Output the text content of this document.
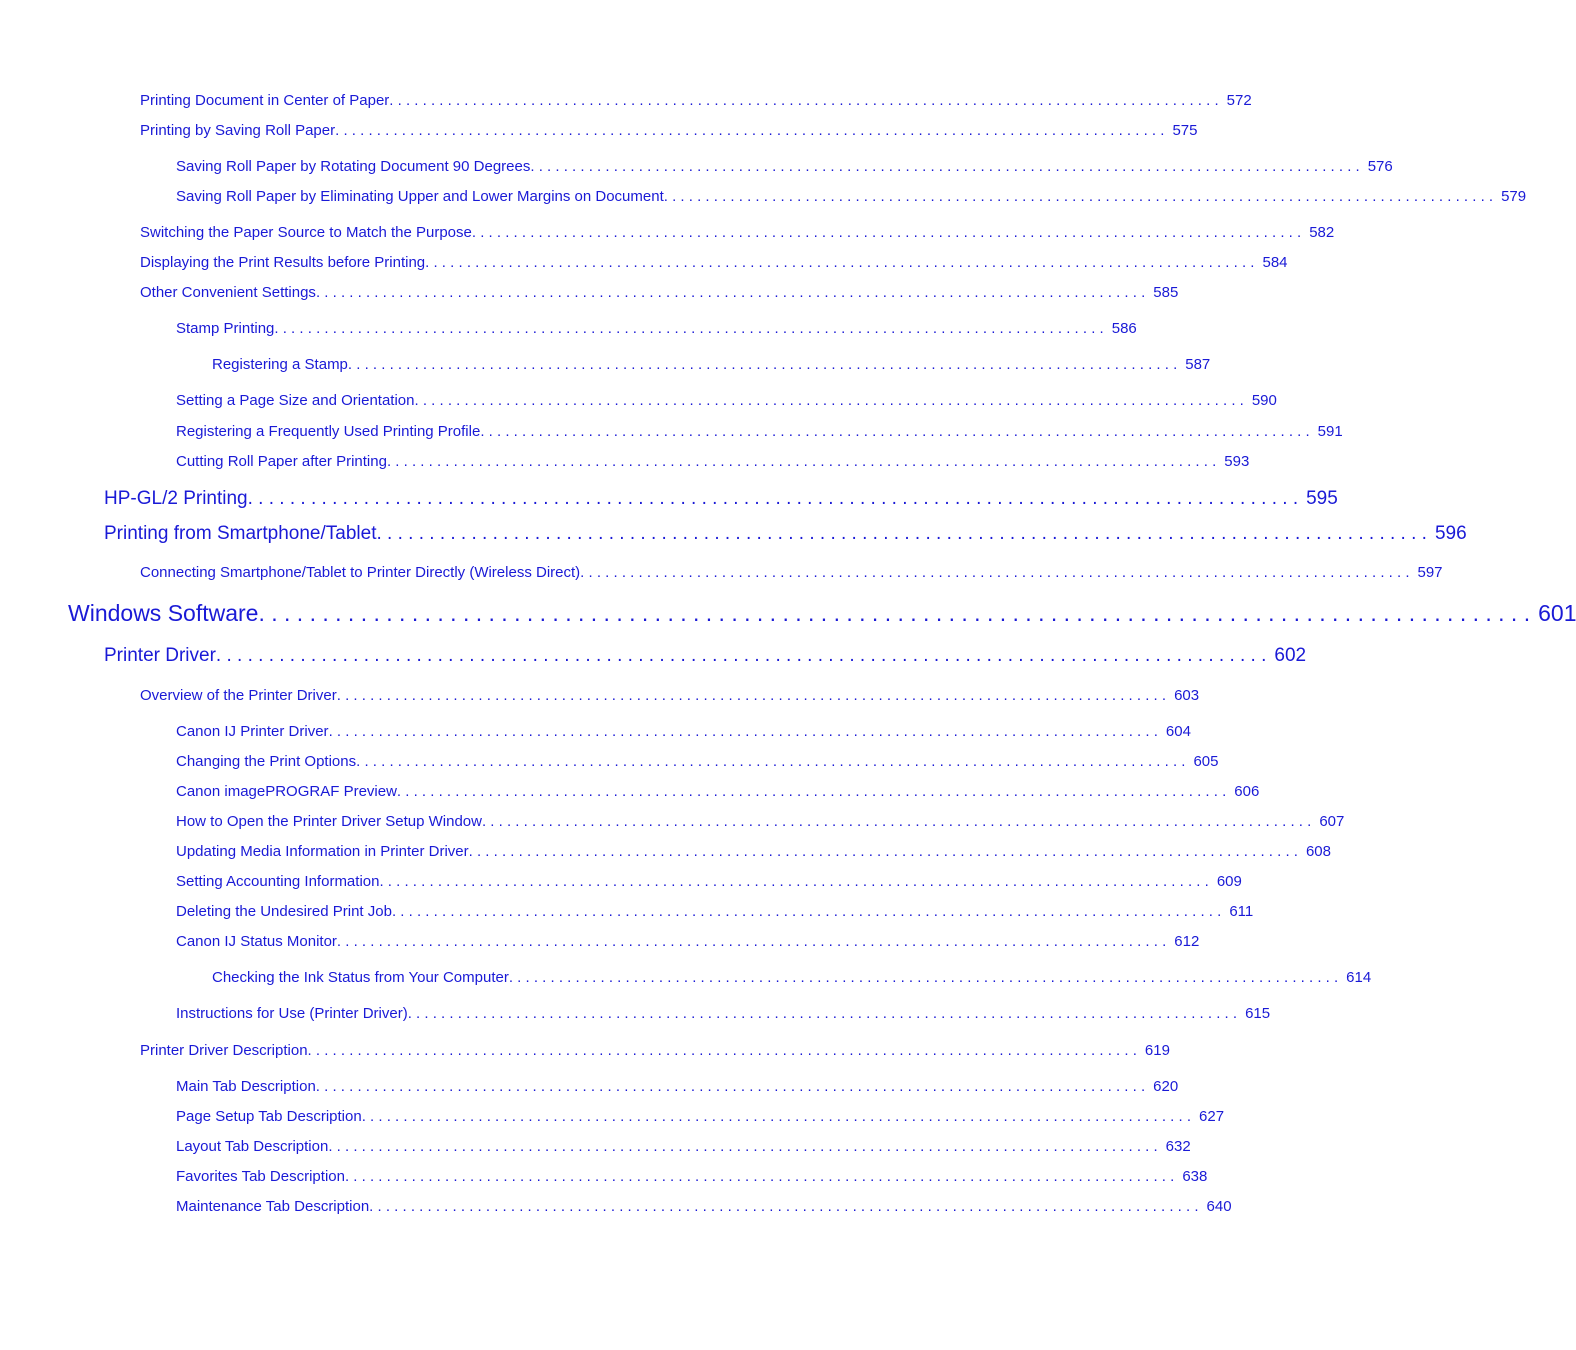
Printing Document in Center of Paper . . . . . . . . . . . . . . . . . . . . . . . . . . . . . . . . . . . . . . . . . . . . . . . . . . . . . . . . . . . . . . . . . . . . . . . . . . . . . . . . . . . . . . . . . . . . . . . . . . . . 572
Printing by Saving Roll Paper . . . . . . . . . . . . . . . . . . . . . . . . . . . . . . . . . . . . . . . . . . . . . . . . . . . . . . . . . . . . . . . . . . . . . . . . . . . . . . . . . . . . . . . . . . . . . . . . . . . . 575
Saving Roll Paper by Rotating Document 90 Degrees . . . . . . . . . . . . . . . . . . . . . . . . . . . . . . . . . . . . . . . . . . . . . . . . . . . . . . . . . . . . . . . . . . . . . . . . . . . . . . . . . . . . . . . . . . . . . . . . . . . . 576
Saving Roll Paper by Eliminating Upper and Lower Margins on Document . . . . . . . . . . . . . . . . . . . . . . . . . . . . . . . . . . . . . . . . . . . . . . . . . . . . . . . . . . . . . . . . . . . . . . . . . . . . . . . . . . . . . . . . . . . . . . . . . . . . 579
Switching the Paper Source to Match the Purpose . . . . . . . . . . . . . . . . . . . . . . . . . . . . . . . . . . . . . . . . . . . . . . . . . . . . . . . . . . . . . . . . . . . . . . . . . . . . . . . . . . . . . . . . . . . . . . . . . . . . 582
Displaying the Print Results before Printing . . . . . . . . . . . . . . . . . . . . . . . . . . . . . . . . . . . . . . . . . . . . . . . . . . . . . . . . . . . . . . . . . . . . . . . . . . . . . . . . . . . . . . . . . . . . . . . . . . . . 584
Other Convenient Settings . . . . . . . . . . . . . . . . . . . . . . . . . . . . . . . . . . . . . . . . . . . . . . . . . . . . . . . . . . . . . . . . . . . . . . . . . . . . . . . . . . . . . . . . . . . . . . . . . . . . 585
Stamp Printing . . . . . . . . . . . . . . . . . . . . . . . . . . . . . . . . . . . . . . . . . . . . . . . . . . . . . . . . . . . . . . . . . . . . . . . . . . . . . . . . . . . . . . . . . . . . . . . . . . . . 586
Registering a Stamp . . . . . . . . . . . . . . . . . . . . . . . . . . . . . . . . . . . . . . . . . . . . . . . . . . . . . . . . . . . . . . . . . . . . . . . . . . . . . . . . . . . . . . . . . . . . . . . . . . . . 587
Setting a Page Size and Orientation . . . . . . . . . . . . . . . . . . . . . . . . . . . . . . . . . . . . . . . . . . . . . . . . . . . . . . . . . . . . . . . . . . . . . . . . . . . . . . . . . . . . . . . . . . . . . . . . . . . . 590
Registering a Frequently Used Printing Profile . . . . . . . . . . . . . . . . . . . . . . . . . . . . . . . . . . . . . . . . . . . . . . . . . . . . . . . . . . . . . . . . . . . . . . . . . . . . . . . . . . . . . . . . . . . . . . . . . . . . 591
Cutting Roll Paper after Printing . . . . . . . . . . . . . . . . . . . . . . . . . . . . . . . . . . . . . . . . . . . . . . . . . . . . . . . . . . . . . . . . . . . . . . . . . . . . . . . . . . . . . . . . . . . . . . . . . . . . 593
HP-GL/2 Printing . . . . . . . . . . . . . . . . . . . . . . . . . . . . . . . . . . . . . . . . . . . . . . . . . . . . . . . . . . . . . . . . . . . . . . . . . . . . . . . . . . . . . . . . . . . . . . . . . . . . 595
Printing from Smartphone/Tablet . . . . . . . . . . . . . . . . . . . . . . . . . . . . . . . . . . . . . . . . . . . . . . . . . . . . . . . . . . . . . . . . . . . . . . . . . . . . . . . . . . . . . . . . . . . . . . . . . . . . 596
Connecting Smartphone/Tablet to Printer Directly (Wireless Direct) . . . . . . . . . . . . . . . . . . . . . . . . . . . . . . . . . . . . . . . . . . . . . . . . . . . . . . . . . . . . . . . . . . . . . . . . . . . . . . . . . . . . . . . . . . . . . . . . . . . . 597
Windows Software . . . . . . . . . . . . . . . . . . . . . . . . . . . . . . . . . . . . . . . . . . . . . . . . . . . . . . . . . . . . . . . . . . . . . . . . . . . . . . . . . . . . . . . . . . . . . . . . . . . . 601
Printer Driver . . . . . . . . . . . . . . . . . . . . . . . . . . . . . . . . . . . . . . . . . . . . . . . . . . . . . . . . . . . . . . . . . . . . . . . . . . . . . . . . . . . . . . . . . . . . . . . . . . . . 602
Overview of the Printer Driver . . . . . . . . . . . . . . . . . . . . . . . . . . . . . . . . . . . . . . . . . . . . . . . . . . . . . . . . . . . . . . . . . . . . . . . . . . . . . . . . . . . . . . . . . . . . . . . . . . . . 603
Canon IJ Printer Driver . . . . . . . . . . . . . . . . . . . . . . . . . . . . . . . . . . . . . . . . . . . . . . . . . . . . . . . . . . . . . . . . . . . . . . . . . . . . . . . . . . . . . . . . . . . . . . . . . . . . 604
Changing the Print Options . . . . . . . . . . . . . . . . . . . . . . . . . . . . . . . . . . . . . . . . . . . . . . . . . . . . . . . . . . . . . . . . . . . . . . . . . . . . . . . . . . . . . . . . . . . . . . . . . . . . 605
Canon imagePROGRAF Preview . . . . . . . . . . . . . . . . . . . . . . . . . . . . . . . . . . . . . . . . . . . . . . . . . . . . . . . . . . . . . . . . . . . . . . . . . . . . . . . . . . . . . . . . . . . . . . . . . . . . 606
How to Open the Printer Driver Setup Window . . . . . . . . . . . . . . . . . . . . . . . . . . . . . . . . . . . . . . . . . . . . . . . . . . . . . . . . . . . . . . . . . . . . . . . . . . . . . . . . . . . . . . . . . . . . . . . . . . . . 607
Updating Media Information in Printer Driver . . . . . . . . . . . . . . . . . . . . . . . . . . . . . . . . . . . . . . . . . . . . . . . . . . . . . . . . . . . . . . . . . . . . . . . . . . . . . . . . . . . . . . . . . . . . . . . . . . . . 608
Setting Accounting Information . . . . . . . . . . . . . . . . . . . . . . . . . . . . . . . . . . . . . . . . . . . . . . . . . . . . . . . . . . . . . . . . . . . . . . . . . . . . . . . . . . . . . . . . . . . . . . . . . . . . 609
Deleting the Undesired Print Job . . . . . . . . . . . . . . . . . . . . . . . . . . . . . . . . . . . . . . . . . . . . . . . . . . . . . . . . . . . . . . . . . . . . . . . . . . . . . . . . . . . . . . . . . . . . . . . . . . . . 611
Canon IJ Status Monitor . . . . . . . . . . . . . . . . . . . . . . . . . . . . . . . . . . . . . . . . . . . . . . . . . . . . . . . . . . . . . . . . . . . . . . . . . . . . . . . . . . . . . . . . . . . . . . . . . . . . 612
Checking the Ink Status from Your Computer . . . . . . . . . . . . . . . . . . . . . . . . . . . . . . . . . . . . . . . . . . . . . . . . . . . . . . . . . . . . . . . . . . . . . . . . . . . . . . . . . . . . . . . . . . . . . . . . . . . . 614
Instructions for Use (Printer Driver) . . . . . . . . . . . . . . . . . . . . . . . . . . . . . . . . . . . . . . . . . . . . . . . . . . . . . . . . . . . . . . . . . . . . . . . . . . . . . . . . . . . . . . . . . . . . . . . . . . . . 615
Printer Driver Description . . . . . . . . . . . . . . . . . . . . . . . . . . . . . . . . . . . . . . . . . . . . . . . . . . . . . . . . . . . . . . . . . . . . . . . . . . . . . . . . . . . . . . . . . . . . . . . . . . . . 619
Main Tab Description . . . . . . . . . . . . . . . . . . . . . . . . . . . . . . . . . . . . . . . . . . . . . . . . . . . . . . . . . . . . . . . . . . . . . . . . . . . . . . . . . . . . . . . . . . . . . . . . . . . . 620
Page Setup Tab Description . . . . . . . . . . . . . . . . . . . . . . . . . . . . . . . . . . . . . . . . . . . . . . . . . . . . . . . . . . . . . . . . . . . . . . . . . . . . . . . . . . . . . . . . . . . . . . . . . . . . 627
Layout Tab Description . . . . . . . . . . . . . . . . . . . . . . . . . . . . . . . . . . . . . . . . . . . . . . . . . . . . . . . . . . . . . . . . . . . . . . . . . . . . . . . . . . . . . . . . . . . . . . . . . . . . 632
Favorites Tab Description . . . . . . . . . . . . . . . . . . . . . . . . . . . . . . . . . . . . . . . . . . . . . . . . . . . . . . . . . . . . . . . . . . . . . . . . . . . . . . . . . . . . . . . . . . . . . . . . . . . . 638
Maintenance Tab Description . . . . . . . . . . . . . . . . . . . . . . . . . . . . . . . . . . . . . . . . . . . . . . . . . . . . . . . . . . . . . . . . . . . . . . . . . . . . . . . . . . . . . . . . . . . . . . . . . . . . 640
